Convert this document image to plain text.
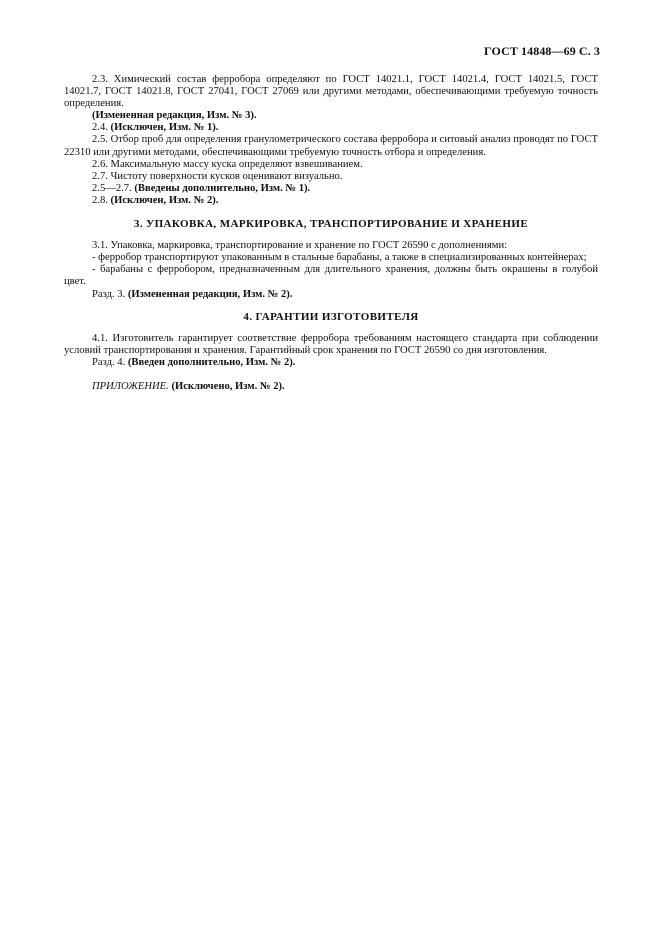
ГОСТ 14848—69 С. 3

2.3. Химический состав ферробора определяют по ГОСТ 14021.1, ГОСТ 14021.4, ГОСТ 14021.5, ГОСТ 14021.7, ГОСТ 14021.8, ГОСТ 27041, ГОСТ 27069 или другими методами, обеспечивающими требуемую точность определения.

(Измененная редакция, Изм. № 3).

2.4. (Исключен, Изм. № 1).

2.5. Отбор проб для определения гранулометрического состава ферробора и ситовый анализ проводят по ГОСТ 22310 или другими методами, обеспечивающими требуемую точность отбора и определения.

2.6. Максимальную массу куска определяют взвешиванием.

2.7. Чистоту поверхности кусков оценивают визуально.

2.5—2.7. (Введены дополнительно, Изм. № 1).

2.8. (Исключен, Изм. № 2).

3. УПАКОВКА, МАРКИРОВКА, ТРАНСПОРТИРОВАНИЕ И ХРАНЕНИЕ

3.1. Упаковка, маркировка, транспортирование и хранение по ГОСТ 26590 с дополнениями:

- ферробор транспортируют упакованным в стальные барабаны, а также в специализированных контейнерах;

- барабаны с ферробором, предназначенным для длительного хранения, должны быть окрашены в голубой цвет.

Разд. 3. (Измененная редакция, Изм. № 2).

4. ГАРАНТИИ ИЗГОТОВИТЕЛЯ

4.1. Изготовитель гарантирует соответствие ферробора требованиям настоящего стандарта при соблюдении условий транспортирования и хранения. Гарантийный срок хранения по ГОСТ 26590 со дня изготовления.

Разд. 4. (Введен дополнительно, Изм. № 2).

ПРИЛОЖЕНИЕ. (Исключено, Изм. № 2).
